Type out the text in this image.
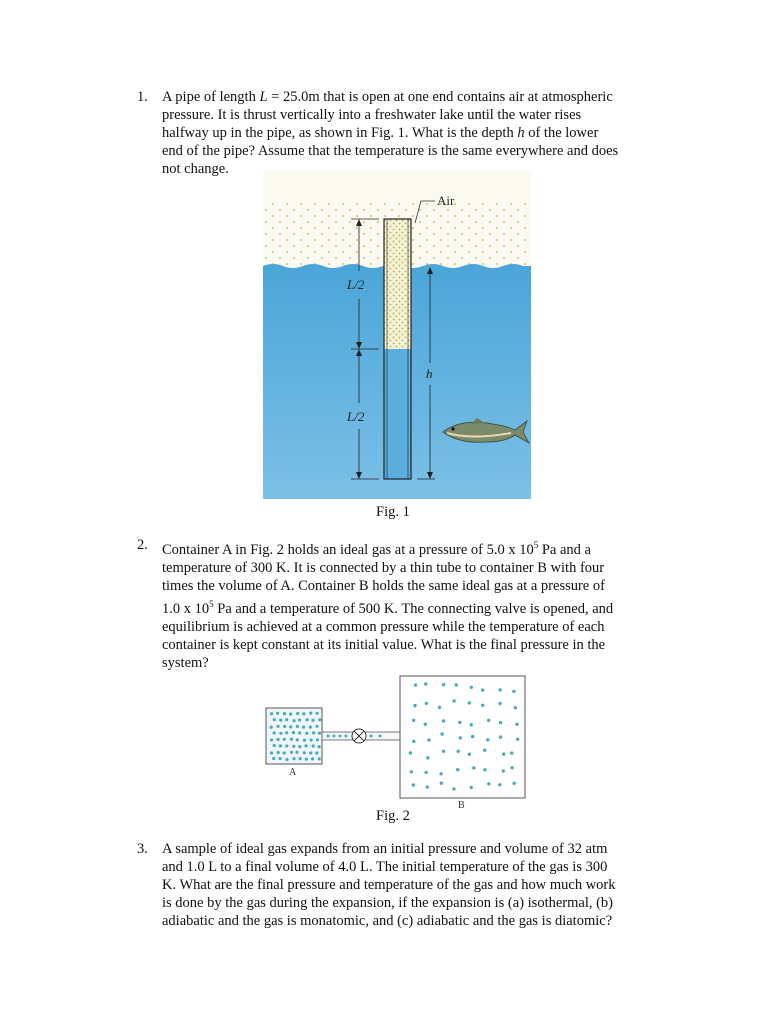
1. A pipe of length L = 25.0m that is open at one end contains air at atmospheric
pressure. It is thrust vertically into a freshwater lake until the water rises
halfway up in the pipe, as shown in Fig. 1. What is the depth h of the lower
end of the pipe? Assume that the temperature is the same everywhere and does
not change.
Air
L/2
L/2
h
Fig. 1
2. Container A in Fig. 2 holds an ideal gas at a pressure of 5.0 x $10^5$ Pa and a
temperature of 300 K. It is connected by a thin tube to container B with four
times the volume of A. Container B holds the same ideal gas at a pressure of
1.0 x $10^5$ Pa and a temperature of 500 K. The connecting valve is opened, and
equilibrium is achieved at a common pressure while the temperature of each
container is kept constant at its initial value. What is the final pressure in the
system?
A
B
Fig. 2
3. A sample of ideal gas expands from an initial pressure and volume of 32 atm
and 1.0 L to a final volume of 4.0 L. The initial temperature of the gas is 300
K. What are the final pressure and temperature of the gas and how much work
is done by the gas during the expansion, if the expansion is (a) isothermal, (b)
adiabatic and the gas is monatomic, and (c) adiabatic and the gas is diatomic?
